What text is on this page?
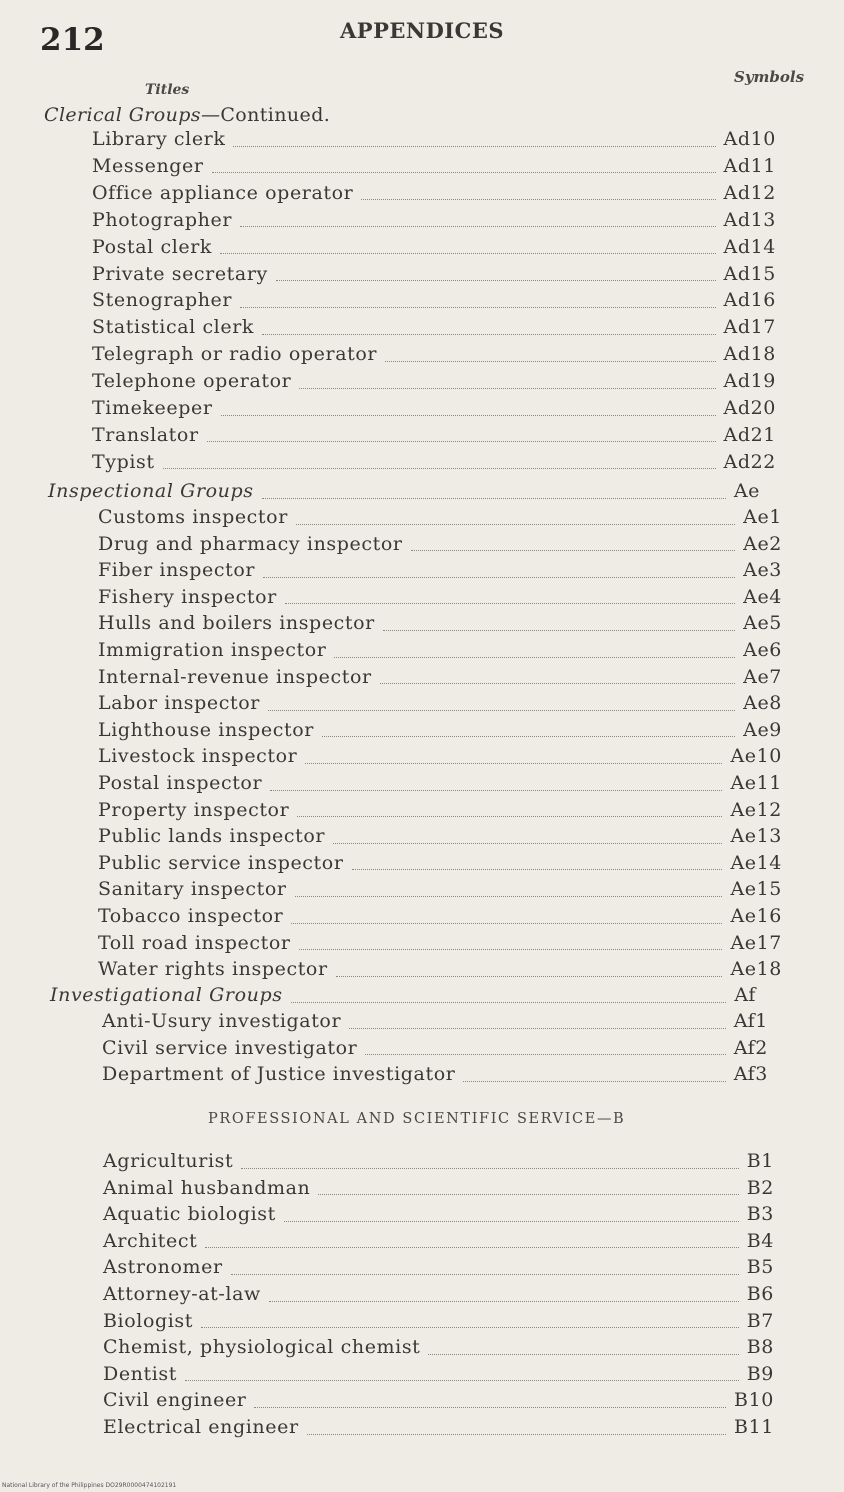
212	APPENDICES
Titles
Symbols
Clerical Groups—Continued.
Library clerk	Ad10
Messenger	Ad11
Office appliance operator	Ad12
Photographer	Ad13
Postal clerk	Ad14
Private secretary	Ad15
Stenographer	Ad16
Statistical clerk	Ad17
Telegraph or radio operator	Ad18
Telephone operator	Ad19
Timekeeper	Ad20
Translator	Ad21
Typist	Ad22
Inspectional Groups	Ae
Customs inspector	Ae1
Drug and pharmacy inspector	Ae2
Fiber inspector	Ae3
Fishery inspector	Ae4
Hulls and boilers inspector	Ae5
Immigration inspector	Ae6
Internal-revenue inspector	Ae7
Labor inspector	Ae8
Lighthouse inspector	Ae9
Livestock inspector	Ae10
Postal inspector	Ae11
Property inspector	Ae12
Public lands inspector	Ae13
Public service inspector	Ae14
Sanitary inspector	Ae15
Tobacco inspector	Ae16
Toll road inspector	Ae17
Water rights inspector	Ae18
Investigational Groups	Af
Anti-Usury investigator	Af1
Civil service investigator	Af2
Department of Justice investigator	Af3
Agriculturist	B1
Animal husbandman	B2
Aquatic biologist	B3
Architect	B4
Astronomer	B5
Attorney-at-law	B6
Biologist	B7
Chemist, physiological chemist	B8
Dentist	B9
Civil engineer	B10
Electrical engineer	B11
PROFESSIONAL AND SCIENTIFIC SERVICE—B
National Library of the Philippines DO29R0000474102191
